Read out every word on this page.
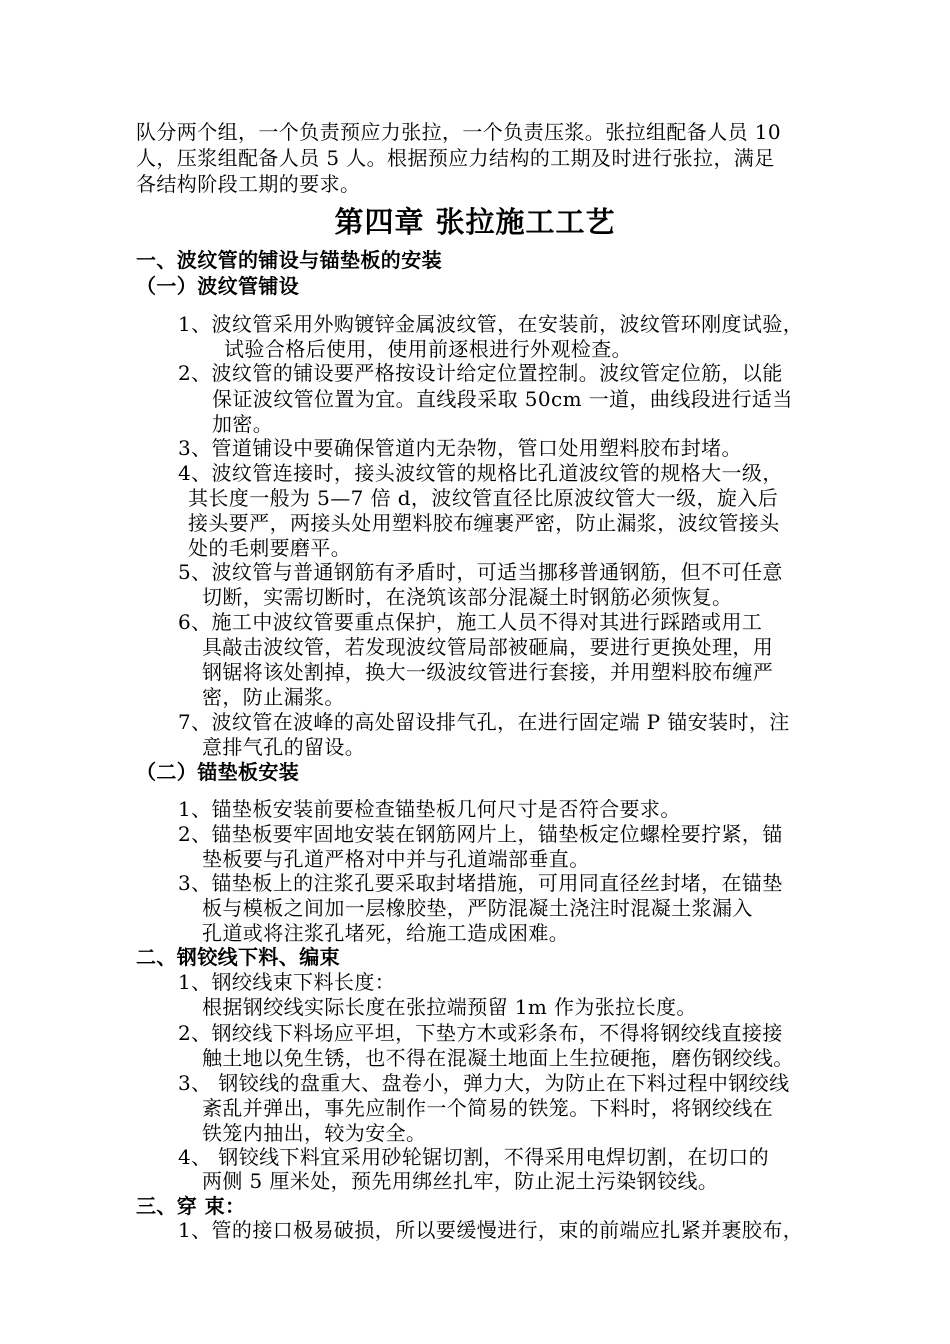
队分两个组，一个负责预应力张拉，一个负责压浆。张拉组配备人员 10
人，压浆组配备人员 5 人。根据预应力结构的工期及时进行张拉，满足
各结构阶段工期的要求。
第四章 张拉施工工艺
一、波纹管的铺设与锚垫板的安装
（一）波纹管铺设
1、波纹管采用外购镀锌金属波纹管，在安装前，波纹管环刚度试验，
试验合格后使用，使用前逐根进行外观检查。
2、波纹管的铺设要严格按设计给定位置控制。波纹管定位筋，以能
保证波纹管位置为宜。直线段采取 50cm 一道，曲线段进行适当
加密。
3、管道铺设中要确保管道内无杂物，管口处用塑料胶布封堵。
4、波纹管连接时，接头波纹管的规格比孔道波纹管的规格大一级，
其长度一般为 5—7 倍 d，波纹管直径比原波纹管大一级，旋入后
接头要严，两接头处用塑料胶布缠裹严密，防止漏浆，波纹管接头
处的毛刺要磨平。
5、波纹管与普通钢筋有矛盾时，可适当挪移普通钢筋，但不可任意
切断，实需切断时，在浇筑该部分混凝土时钢筋必须恢复。
6、施工中波纹管要重点保护，施工人员不得对其进行踩踏或用工
具敲击波纹管，若发现波纹管局部被砸扁，要进行更换处理，用
钢锯将该处割掉，换大一级波纹管进行套接，并用塑料胶布缠严
密，防止漏浆。
7、波纹管在波峰的高处留设排气孔，在进行固定端 P 锚安装时，注
意排气孔的留设。
（二）锚垫板安装
1、锚垫板安装前要检查锚垫板几何尺寸是否符合要求。
2、锚垫板要牢固地安装在钢筋网片上，锚垫板定位螺栓要拧紧，锚
垫板要与孔道严格对中并与孔道端部垂直。
3、锚垫板上的注浆孔要采取封堵措施，可用同直径丝封堵，在锚垫
板与模板之间加一层橡胶垫，严防混凝土浇注时混凝土浆漏入
孔道或将注浆孔堵死，给施工造成困难。
二、钢铰线下料、编束
1、钢绞线束下料长度：
根据钢绞线实际长度在张拉端预留 1m 作为张拉长度。
2、钢绞线下料场应平坦，下垫方木或彩条布，不得将钢绞线直接接
触土地以免生锈，也不得在混凝土地面上生拉硬拖，磨伤钢绞线。
3、 钢铰线的盘重大、盘卷小，弹力大，为防止在下料过程中钢绞线
紊乱并弹出，事先应制作一个简易的铁笼。下料时，将钢绞线在
铁笼内抽出，较为安全。
4、 钢铰线下料宜采用砂轮锯切割，不得采用电焊切割，在切口的
两侧 5 厘米处，预先用绑丝扎牢，防止泥土污染钢铰线。
三、穿 束：
1、管的接口极易破损，所以要缓慢进行，束的前端应扎紧并裹胶布，
